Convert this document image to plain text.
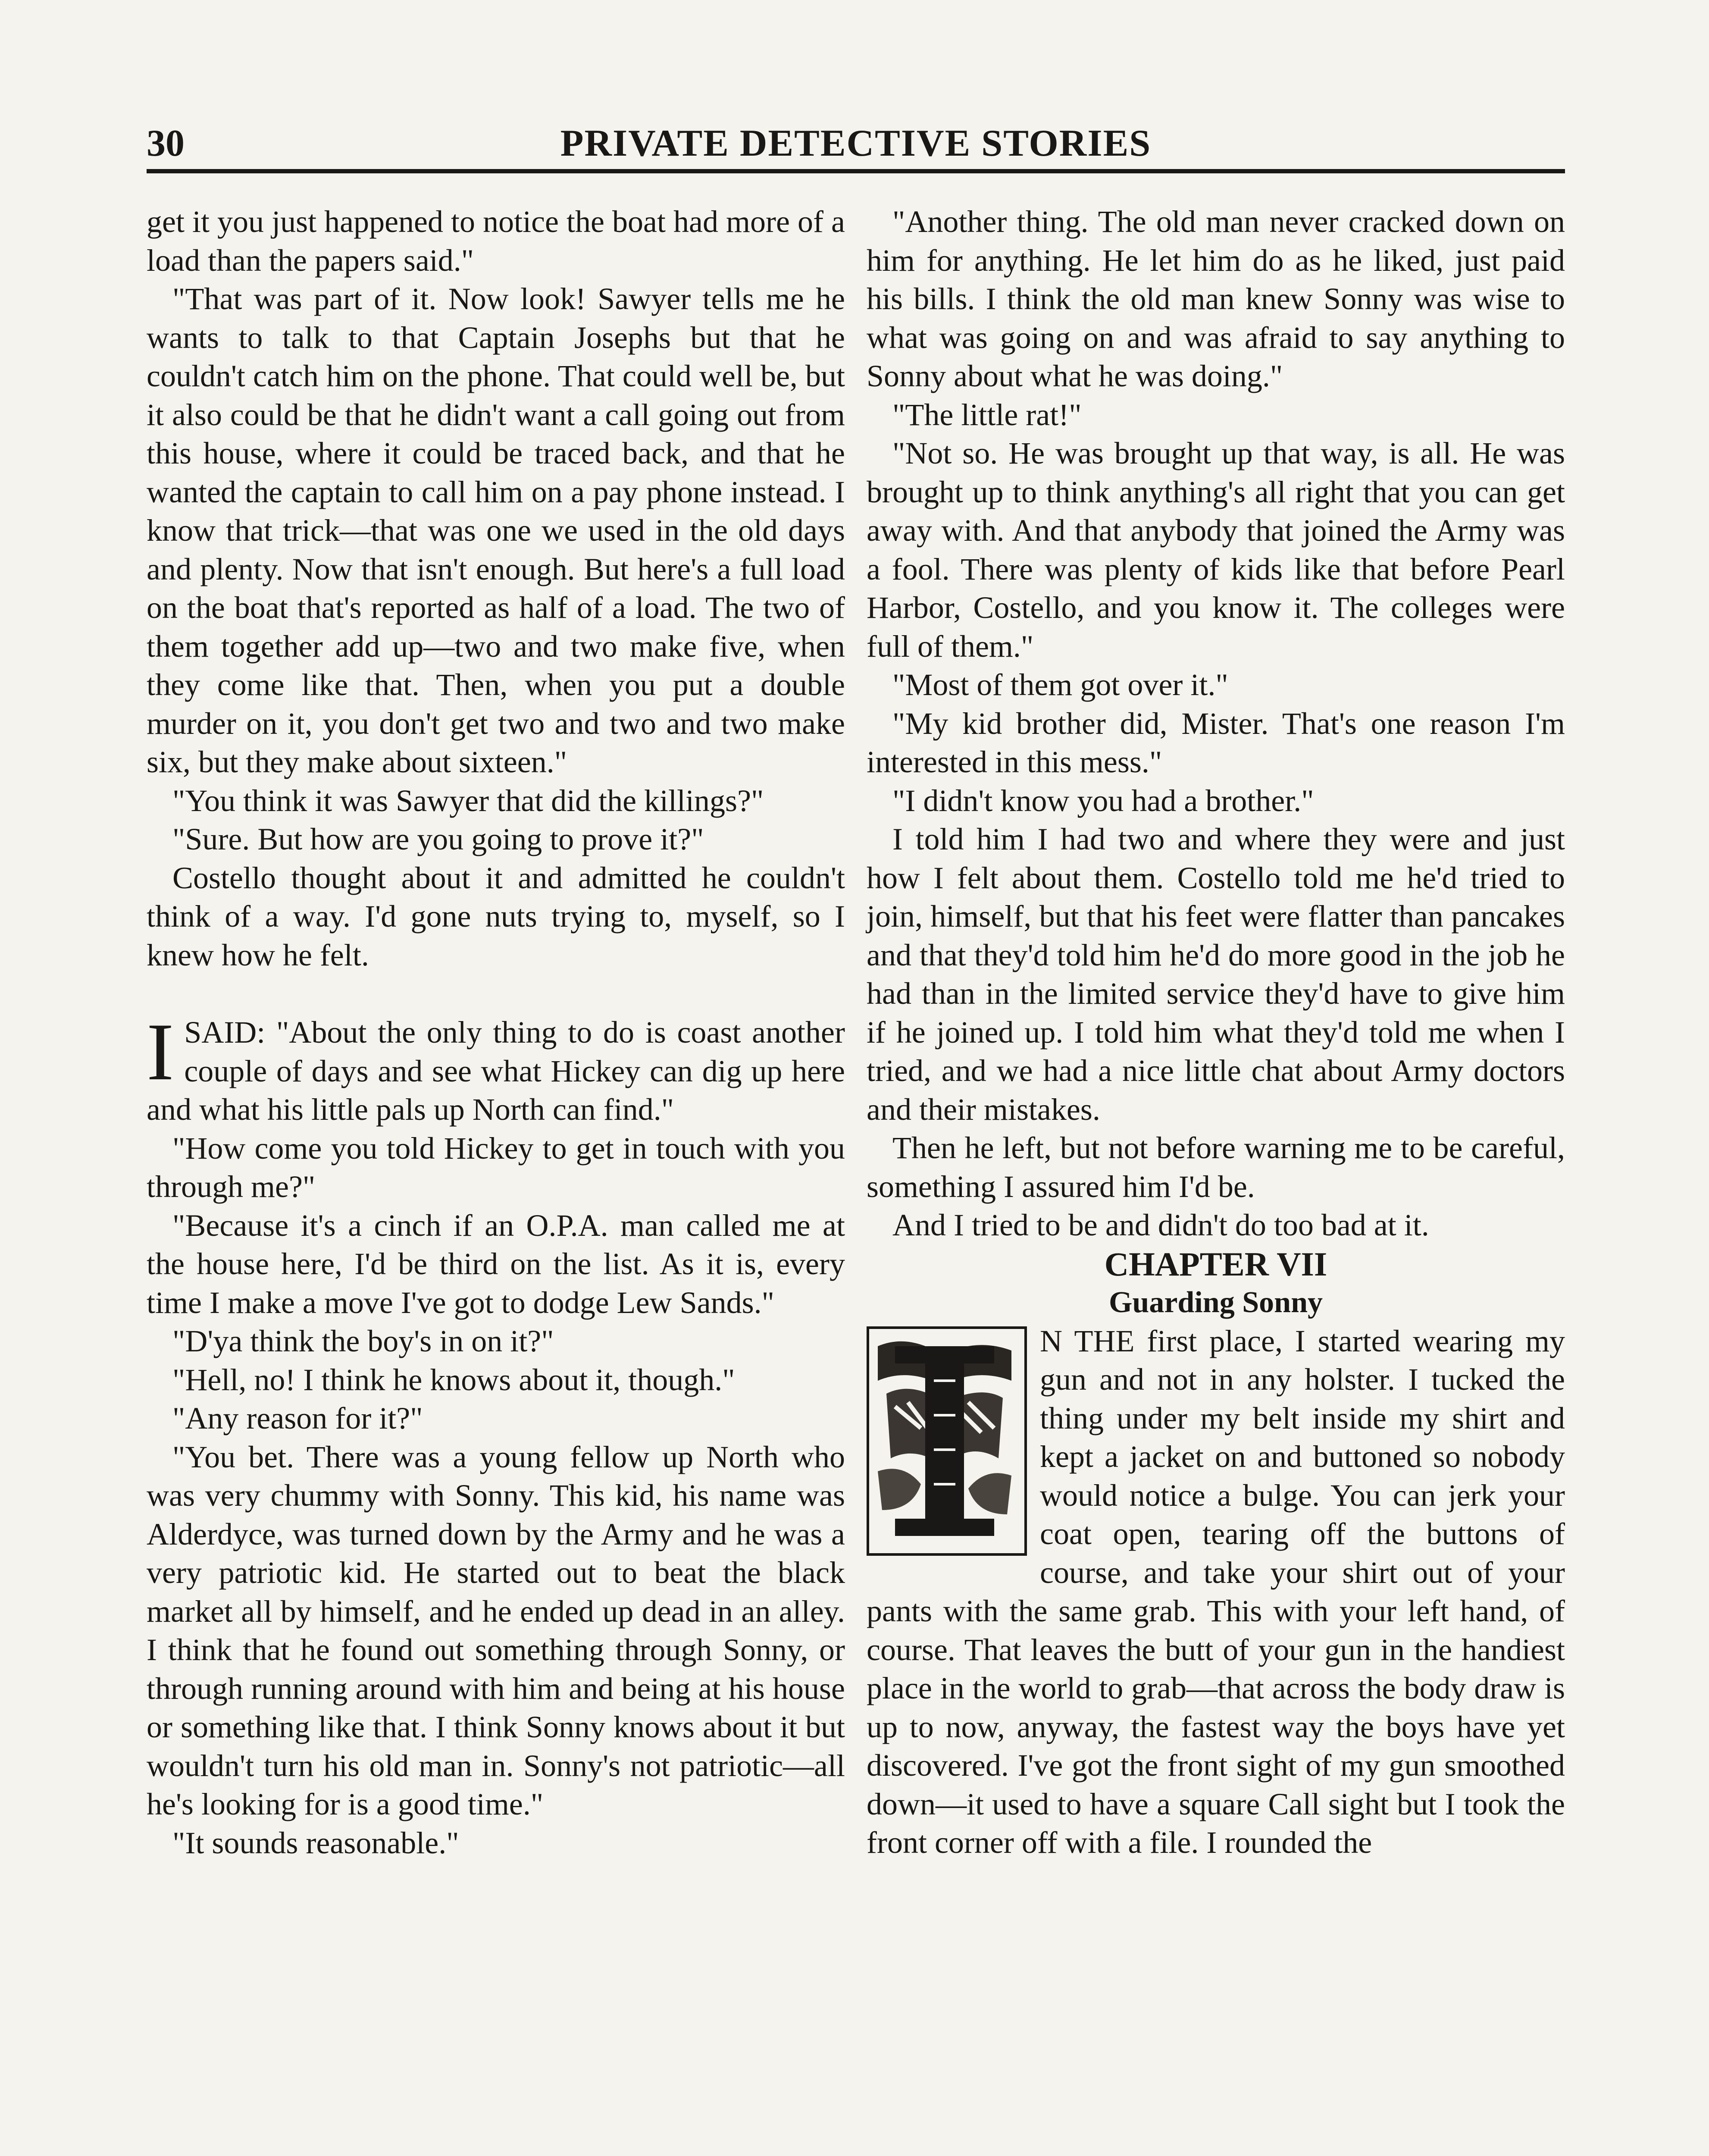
30	PRIVATE DETECTIVE STORIES

get it you just happened to notice the boat had more of a load than the papers said."

"That was part of it. Now look! Sawyer tells me he wants to talk to that Captain Josephs but that he couldn't catch him on the phone. That could well be, but it also could be that he didn't want a call going out from this house, where it could be traced back, and that he wanted the captain to call him on a pay phone instead. I know that trick—that was one we used in the old days and plenty. Now that isn't enough. But here's a full load on the boat that's reported as half of a load. The two of them together add up—two and two make five, when they come like that. Then, when you put a double murder on it, you don't get two and two and two make six, but they make about sixteen."

"You think it was Sawyer that did the killings?"

"Sure. But how are you going to prove it?"

Costello thought about it and admitted he couldn't think of a way. I'd gone nuts trying to, myself, so I knew how he felt.

ISAID: "About the only thing to do is coast another couple of days and see what Hickey can dig up here and what his little pals up North can find."

"How come you told Hickey to get in touch with you through me?"

"Because it's a cinch if an O.P.A. man called me at the house here, I'd be third on the list. As it is, every time I make a move I've got to dodge Lew Sands."

"D'ya think the boy's in on it?"

"Hell, no! I think he knows about it, though."

"Any reason for it?"

"You bet. There was a young fellow up North who was very chummy with Sonny. This kid, his name was Alderdyce, was turned down by the Army and he was a very patriotic kid. He started out to beat the black market all by himself, and he ended up dead in an alley. I think that he found out something through Sonny, or through running around with him and being at his house or something like that. I think Sonny knows about it but wouldn't turn his old man in. Sonny's not patriotic—all he's looking for is a good time."

"It sounds reasonable."

"Another thing. The old man never cracked down on him for anything. He let him do as he liked, just paid his bills. I think the old man knew Sonny was wise to what was going on and was afraid to say anything to Sonny about what he was doing."

"The little rat!"

"Not so. He was brought up that way, is all. He was brought up to think anything's all right that you can get away with. And that anybody that joined the Army was a fool. There was plenty of kids like that before Pearl Harbor, Costello, and you know it. The colleges were full of them."

"Most of them got over it."

"My kid brother did, Mister. That's one reason I'm interested in this mess."

"I didn't know you had a brother."

I told him I had two and where they were and just how I felt about them. Costello told me he'd tried to join, himself, but that his feet were flatter than pancakes and that they'd told him he'd do more good in the job he had than in the limited service they'd have to give him if he joined up. I told him what they'd told me when I tried, and we had a nice little chat about Army doctors and their mistakes.

Then he left, but not before warning me to be careful, something I assured him I'd be.

And I tried to be and didn't do too bad at it.

CHAPTER VII

Guarding Sonny

N THE first place, I started wearing my gun and not in any holster. I tucked the thing under my belt inside my shirt and kept a jacket on and buttoned so nobody would notice a bulge. You can jerk your coat open, tearing off the buttons of course, and take your shirt out of your pants with the same grab. This with your left hand, of course. That leaves the butt of your gun in the handiest place in the world to grab—that across the body draw is up to now, anyway, the fastest way the boys have yet discovered. I've got the front sight of my gun smoothed down—it used to have a square Call sight but I took the front corner off with a file. I rounded the
